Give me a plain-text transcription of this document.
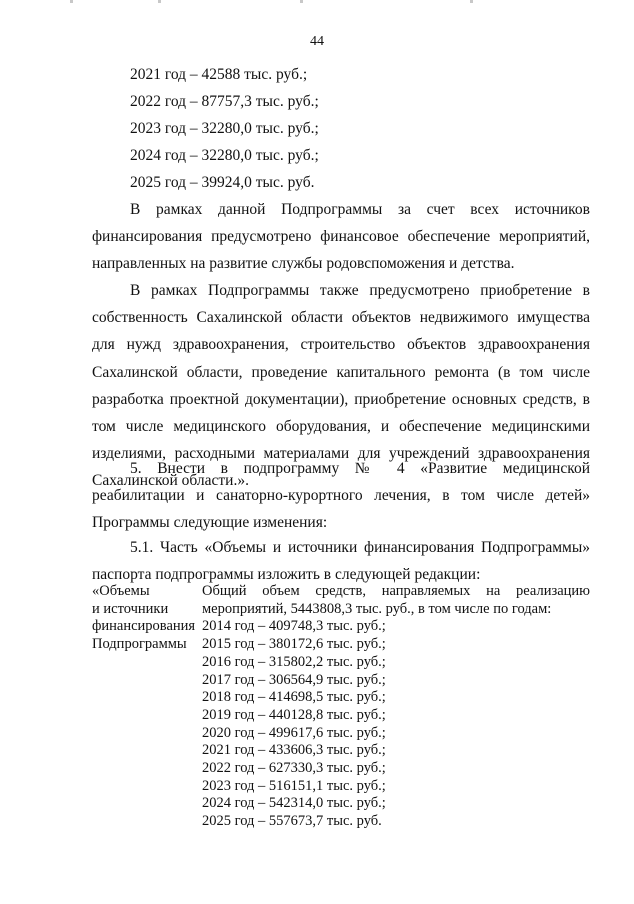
44
2021 год – 42588 тыс. руб.;
2022 год – 87757,3 тыс. руб.;
2023 год – 32280,0 тыс. руб.;
2024 год – 32280,0 тыс. руб.;
2025 год – 39924,0 тыс. руб.

В рамках данной Подпрограммы за счет всех источников финансирования предусмотрено финансовое обеспечение мероприятий, направленных на развитие службы родовспоможения и детства.

В рамках Подпрограммы также предусмотрено приобретение в собственность Сахалинской области объектов недвижимого имущества для нужд здравоохранения, строительство объектов здравоохранения Сахалинской области, проведение капитального ремонта (в том числе разработка проектной документации), приобретение основных средств, в том числе медицинского оборудования, и обеспечение медицинскими изделиями, расходными материалами для учреждений здравоохранения Сахалинской области.».

5. Внести в подпрограмму № 4 «Развитие медицинской реабилитации и санаторно-курортного лечения, в том числе детей» Программы следующие изменения:

5.1. Часть «Объемы и источники финансирования Подпрограммы» паспорта подпрограммы изложить в следующей редакции:

«Объемы
и источники
финансирования
Подпрограммы
Общий объем средств, направляемых на реализацию мероприятий, 5443808,3 тыс. руб., в том числе по годам:
2014 год – 409748,3 тыс. руб.;
2015 год – 380172,6 тыс. руб.;
2016 год – 315802,2 тыс. руб.;
2017 год – 306564,9 тыс. руб.;
2018 год – 414698,5 тыс. руб.;
2019 год – 440128,8 тыс. руб.;
2020 год – 499617,6 тыс. руб.;
2021 год – 433606,3 тыс. руб.;
2022 год – 627330,3 тыс. руб.;
2023 год – 516151,1 тыс. руб.;
2024 год – 542314,0 тыс. руб.;
2025 год – 557673,7 тыс. руб.
